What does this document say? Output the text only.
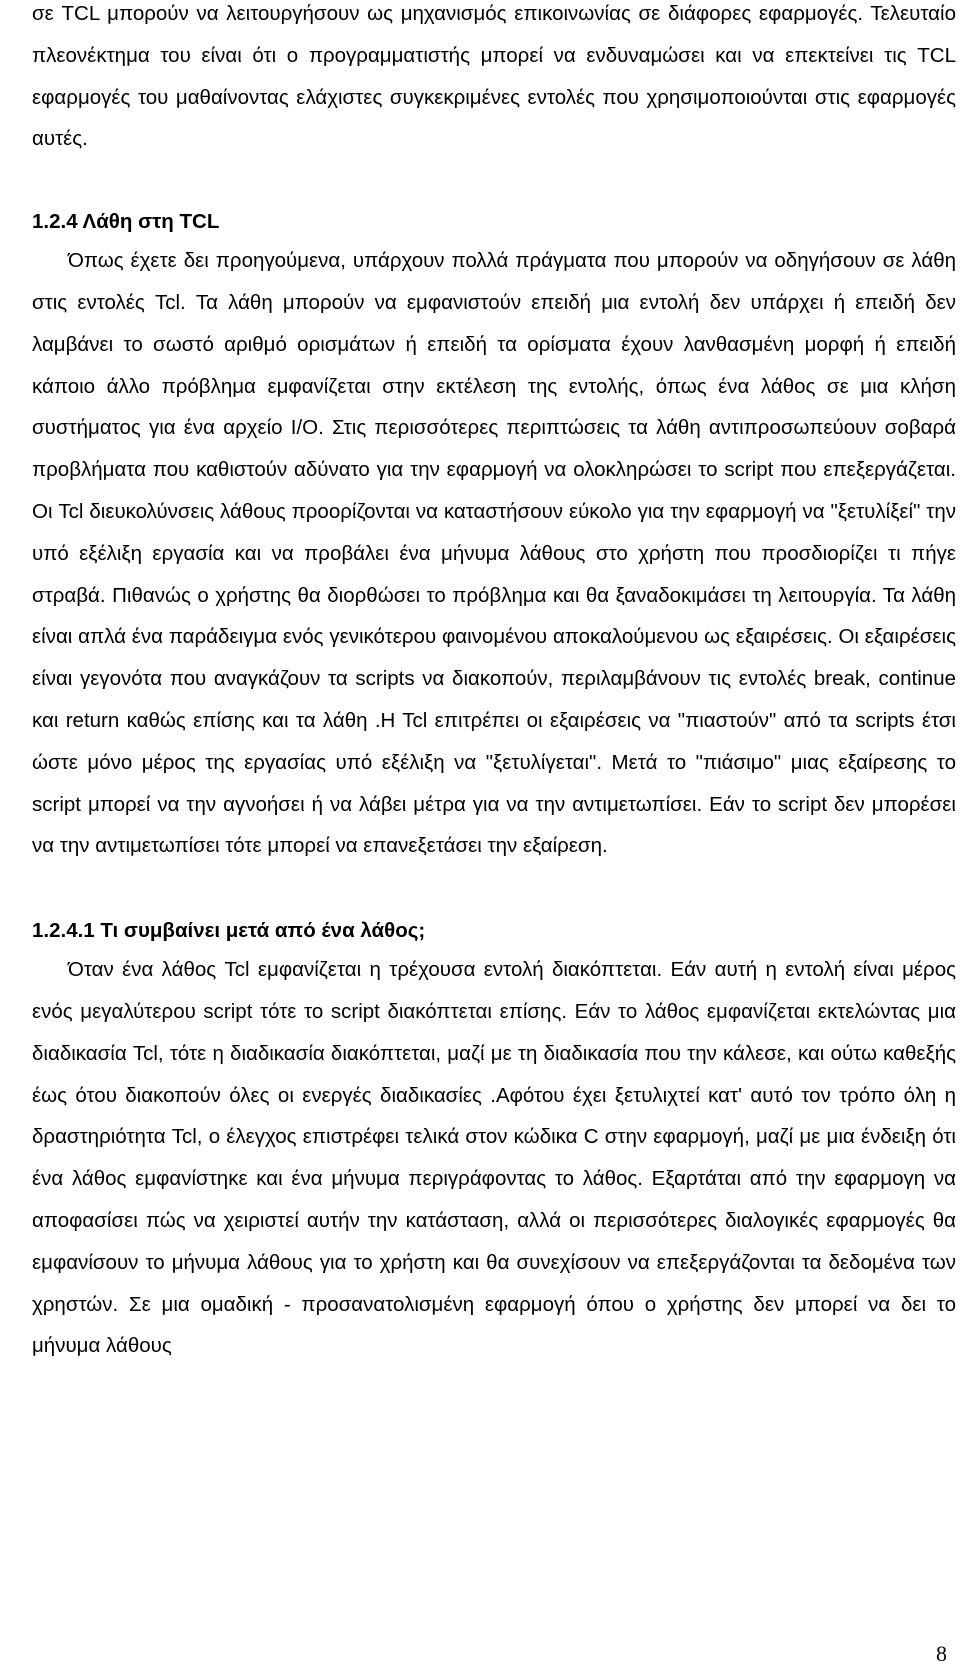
σε TCL μπορούν να λειτουργήσουν ως μηχανισμός επικοινωνίας σε διάφορες εφαρμογές. Τελευταίο πλεονέκτημα του είναι ότι ο προγραμματιστής μπορεί να ενδυναμώσει και να επεκτείνει τις TCL εφαρμογές του μαθαίνοντας ελάχιστες συγκεκριμένες εντολές που χρησιμοποιούνται στις εφαρμογές αυτές.

1.2.4 Λάθη στη TCL

Όπως έχετε δει προηγούμενα, υπάρχουν πολλά πράγματα που μπορούν να οδηγήσουν σε λάθη στις εντολές Tcl. Τα λάθη μπορούν να εμφανιστούν επειδή μια εντολή δεν υπάρχει ή επειδή δεν λαμβάνει το σωστό αριθμό ορισμάτων ή επειδή τα ορίσματα έχουν λανθασμένη μορφή ή επειδή κάποιο άλλο πρόβλημα εμφανίζεται στην εκτέλεση της εντολής, όπως ένα λάθος σε μια κλήση συστήματος για ένα αρχείο I/O. Στις περισσότερες περιπτώσεις τα λάθη αντιπροσωπεύουν σοβαρά προβλήματα που καθιστούν αδύνατο για την εφαρμογή να ολοκληρώσει το script που επεξεργάζεται. Οι Tcl διευκολύνσεις λάθους προορίζονται να καταστήσουν εύκολο για την εφαρμογή να "ξετυλίξεί" την υπό εξέλιξη εργασία και να προβάλει ένα μήνυμα λάθους στο χρήστη που προσδιορίζει τι πήγε στραβά. Πιθανώς ο χρήστης θα διορθώσει το πρόβλημα και θα ξαναδοκιμάσει τη λειτουργία. Τα λάθη είναι απλά ένα παράδειγμα ενός γενικότερου φαινομένου αποκαλούμενου ως εξαιρέσεις. Οι εξαιρέσεις είναι γεγονότα που αναγκάζουν τα scripts να διακοπούν, περιλαμβάνουν τις εντολές break, continue και return καθώς επίσης και τα λάθη .H Tcl επιτρέπει οι εξαιρέσεις να "πιαστούν" από τα scripts έτσι ώστε μόνο μέρος της εργασίας υπό εξέλιξη να "ξετυλίγεται". Μετά το "πιάσιμο" μιας εξαίρεσης το script μπορεί να την αγνοήσει ή να λάβει μέτρα για να την αντιμετωπίσει. Εάν το script δεν μπορέσει να την αντιμετωπίσει τότε μπορεί να επανεξετάσει την εξαίρεση.

1.2.4.1 Τι συμβαίνει μετά από ένα λάθος;

Όταν ένα λάθος Tcl εμφανίζεται η τρέχουσα εντολή διακόπτεται. Εάν αυτή η εντολή είναι μέρος ενός μεγαλύτερου script τότε το script διακόπτεται επίσης. Εάν το λάθος εμφανίζεται εκτελώντας μια διαδικασία Tcl, τότε η διαδικασία διακόπτεται, μαζί με τη διαδικασία που την κάλεσε, και ούτω καθεξής έως ότου διακοπούν όλες οι ενεργές διαδικασίες .Αφότου έχει ξετυλιχτεί κατ' αυτό τον τρόπο όλη η δραστηριότητα Tcl, ο έλεγχος επιστρέφει τελικά στον κώδικα C στην εφαρμογή, μαζί με μια ένδειξη ότι ένα λάθος εμφανίστηκε και ένα μήνυμα περιγράφοντας το λάθος. Εξαρτάται από την εφαρμογη να αποφασίσει πώς να χειριστεί αυτήν την κατάσταση, αλλά οι περισσότερες διαλογικές εφαρμογές θα εμφανίσουν το μήνυμα λάθους για το χρήστη και θα συνεχίσουν να επεξεργάζονται τα δεδομένα των χρηστών. Σε μια ομαδική - προσανατολισμένη εφαρμογή όπου ο χρήστης δεν μπορεί να δει το μήνυμα λάθους

8
